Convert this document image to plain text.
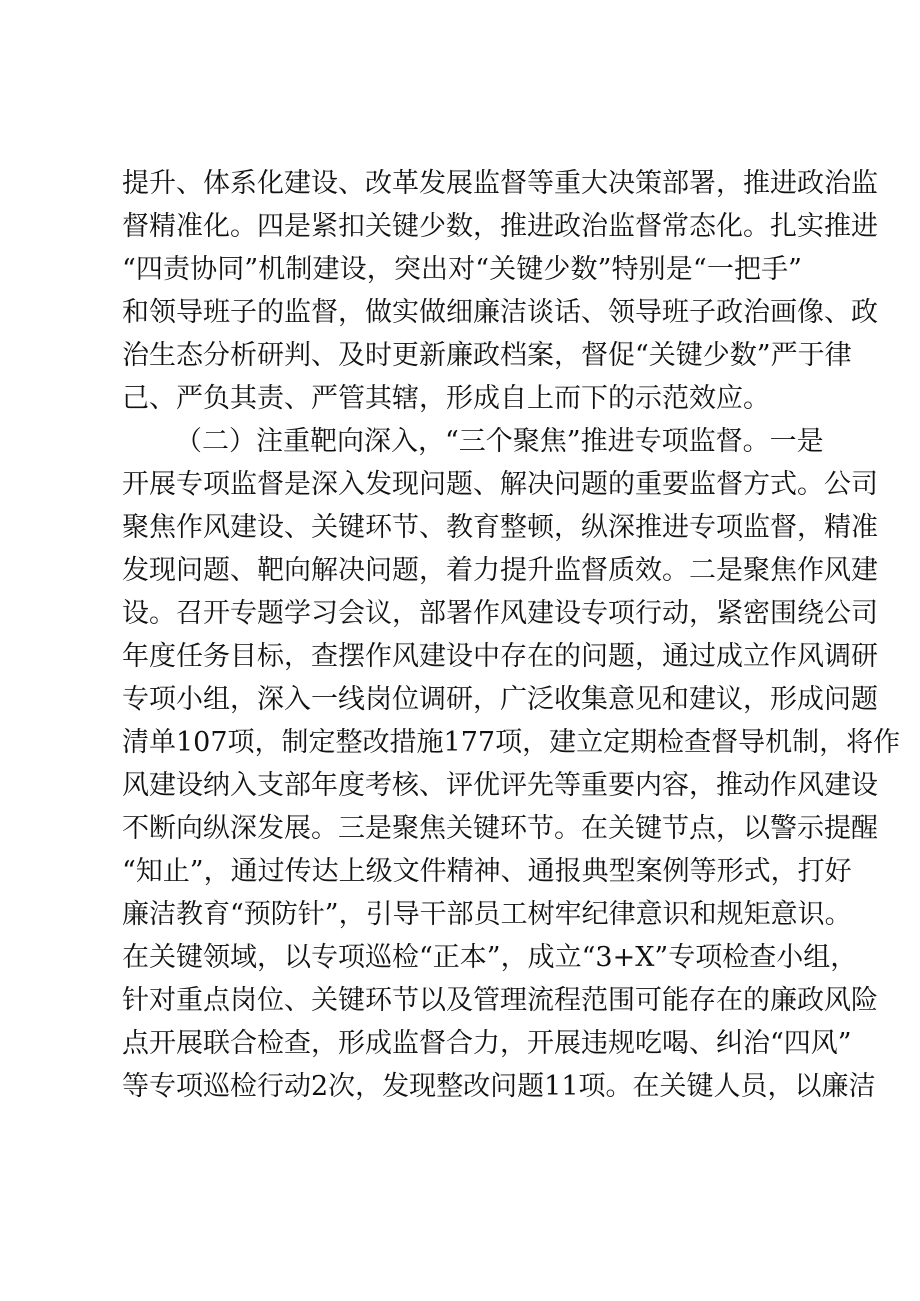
提升、体系化建设、改革发展监督等重大决策部署，推进政治监
督精准化。四是紧扣关键少数，推进政治监督常态化。扎实推进
“四责协同”机制建设，突出对“关键少数”特别是“一把手”
和领导班子的监督，做实做细廉洁谈话、领导班子政治画像、政
治生态分析研判、及时更新廉政档案，督促“关键少数”严于律
己、严负其责、严管其辖，形成自上而下的示范效应。
（二）注重靶向深入，“三个聚焦”推进专项监督。一是
开展专项监督是深入发现问题、解决问题的重要监督方式。公司
聚焦作风建设、关键环节、教育整顿，纵深推进专项监督，精准
发现问题、靶向解决问题，着力提升监督质效。二是聚焦作风建
设。召开专题学习会议，部署作风建设专项行动，紧密围绕公司
年度任务目标，查摆作风建设中存在的问题，通过成立作风调研
专项小组，深入一线岗位调研，广泛收集意见和建议，形成问题
清单107项，制定整改措施177项，建立定期检查督导机制，将作
风建设纳入支部年度考核、评优评先等重要内容，推动作风建设
不断向纵深发展。三是聚焦关键环节。在关键节点，以警示提醒
“知止”，通过传达上级文件精神、通报典型案例等形式，打好
廉洁教育“预防针”，引导干部员工树牢纪律意识和规矩意识。
在关键领域，以专项巡检“正本”，成立“3+X”专项检查小组，
针对重点岗位、关键环节以及管理流程范围可能存在的廉政风险
点开展联合检查，形成监督合力，开展违规吃喝、纠治“四风”
等专项巡检行动2次，发现整改问题11项。在关键人员，以廉洁
